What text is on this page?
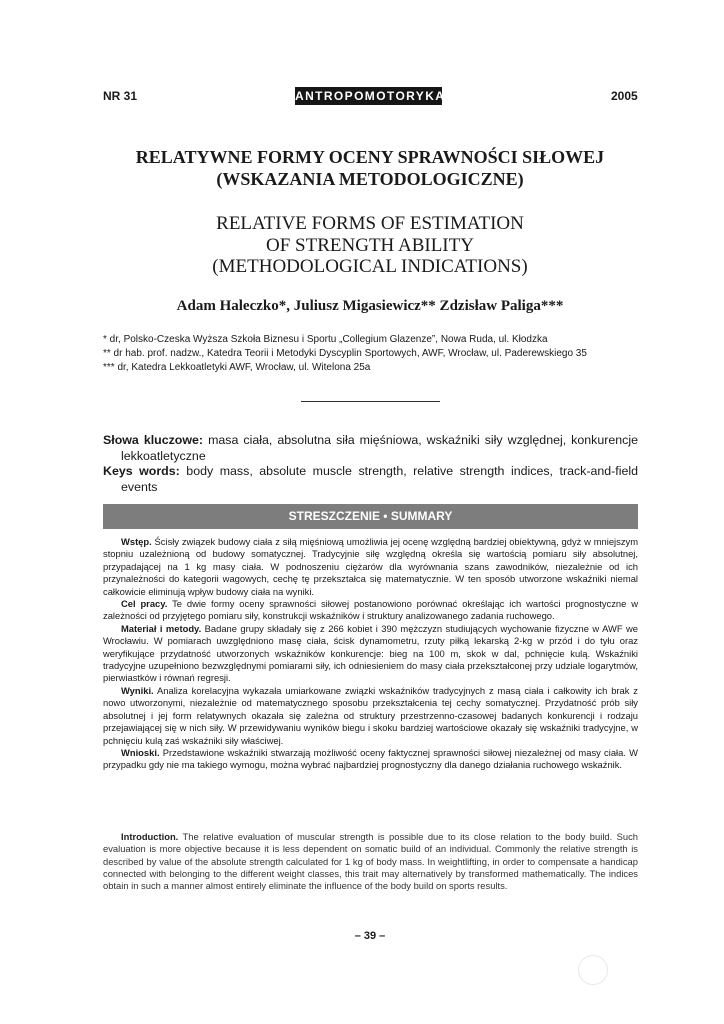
NR 31	ANTROPOMOTORYKA	2005
RELATYWNE FORMY OCENY SPRAWNOŚCI SIŁOWEJ
(WSKAZANIA METODOLOGICZNE)
RELATIVE FORMS OF ESTIMATION
OF STRENGTH ABILITY
(METHODOLOGICAL INDICATIONS)
Adam Haleczko*, Juliusz Migasiewicz** Zdzisław Paliga***
* dr, Polsko-Czeska Wyższa Szkoła Biznesu i Sportu „Collegium Glazenze”, Nowa Ruda, ul. Kłodzka
** dr hab. prof. nadzw., Katedra Teorii i Metodyki Dyscyplin Sportowych, AWF, Wrocław, ul. Paderewskiego 35
*** dr, Katedra Lekkoatletyki AWF, Wrocław, ul. Witelona 25a

Słowa kluczowe: masa ciała, absolutna siła mięśniowa, wskaźniki siły względnej, konkurencje lekkoatletyczne

Keys words: body mass, absolute muscle strength, relative strength indices, track-and-field events

STRESZCZENIE • SUMMARY

Wstęp. Ścisły związek budowy ciała z siłą mięśniową umożliwia jej ocenę względną bardziej obiektywną, gdyż w mniejszym stopniu uzależnioną od budowy somatycznej. Tradycyjnie siłę względną określa się wartością pomiaru siły absolutnej, przypadającej na 1 kg masy ciała. W podnoszeniu ciężarów dla wyrównania szans zawodników, niezależnie od ich przynależności do kategorii wagowych, cechę tę przekształca się matematycznie. W ten sposób utworzone wskaźniki niemal całkowicie eliminują wpływ budowy ciała na wyniki.

Cel pracy. Te dwie formy oceny sprawności siłowej postanowiono porównać określając ich wartości prognostyczne w zależności od przyjętego pomiaru siły, konstrukcji wskaźników i struktury analizowanego zadania ruchowego.

Materiał i metody. Badane grupy składały się z 266 kobiet i 390 mężczyzn studiujących wychowanie fizyczne w AWF we Wrocławiu. W pomiarach uwzględniono masę ciała, ścisk dynamometru, rzuty piłką lekarską 2-kg w przód i do tyłu oraz weryfikujące przydatność utworzonych wskaźników konkurencje: bieg na 100 m, skok w dal, pchnięcie kulą. Wskaźniki tradycyjne uzupełniono bezwzględnymi pomiarami siły, ich odniesieniem do masy ciała przekształconej przy udziale logarytmów, pierwiastków i równań regresji.

Wyniki. Analiza korelacyjna wykazała umiarkowane związki wskaźników tradycyjnych z masą ciała i całkowity ich brak z nowo utworzonymi, niezależnie od matematycznego sposobu przekształcenia tej cechy somatycznej. Przydatność prób siły absolutnej i jej form relatywnych okazała się zależna od struktury przestrzenno-czasowej badanych konkurencji i rodzaju przejawiającej się w nich siły. W przewidywaniu wyników biegu i skoku bardziej wartościowe okazały się wskaźniki tradycyjne, w pchnięciu kulą zaś wskaźniki siły właściwej.

Wnioski. Przedstawione wskaźniki stwarzają możliwość oceny faktycznej sprawności siłowej niezależnej od masy ciała. W przypadku gdy nie ma takiego wymogu, można wybrać najbardziej prognostyczny dla danego działania ruchowego wskaźnik.

Introduction. The relative evaluation of muscular strength is possible due to its close relation to the body build. Such evaluation is more objective because it is less dependent on somatic build of an individual. Commonly the relative strength is described by value of the absolute strength calculated for 1 kg of body mass. In weightlifting, in order to compensate a handicap connected with belonging to the different weight classes, this trait may alternatively by transformed mathematically. The indices obtain in such a manner almost entirely eliminate the influence of the body build on sports results.

– 39 –
